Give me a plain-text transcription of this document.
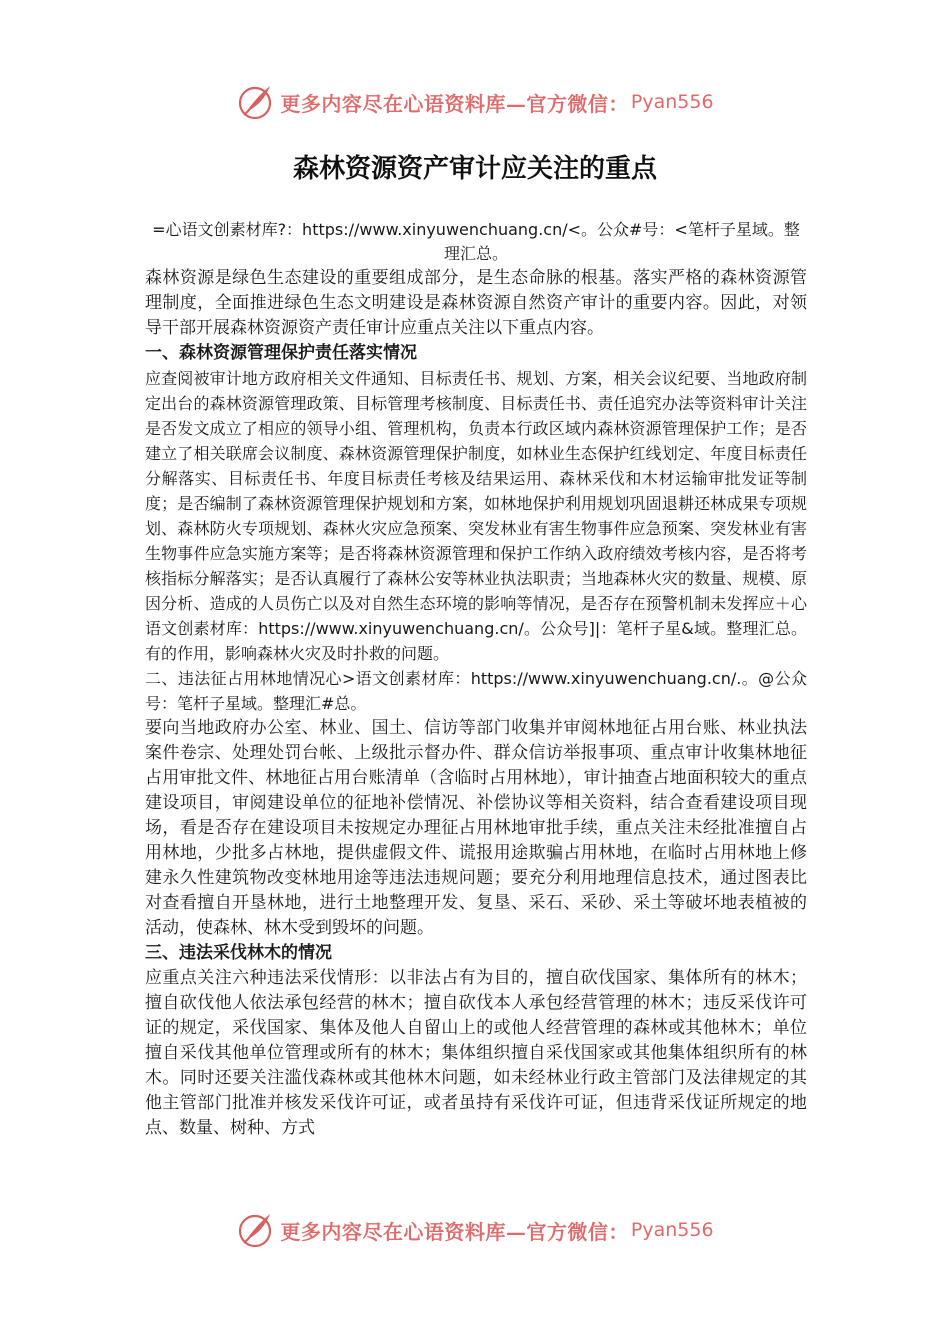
更多内容尽在心语资料库—官方微信： Pyan556
森林资源资产审计应关注的重点

=心语文创素材库?：https://www.xinyuwenchuang.cn/<。公众#号：<笔杆子星域。整理汇总。

森林资源是绿色生态建设的重要组成部分，是生态命脉的根基。落实严格的森林资源管理制度，全面推进绿色生态文明建设是森林资源自然资产审计的重要内容。因此，对领导干部开展森林资源资产责任审计应重点关注以下重点内容。

一、森林资源管理保护责任落实情况

应查阅被审计地方政府相关文件通知、目标责任书、规划、方案，相关会议纪要、当地政府制定出台的森林资源管理政策、目标管理考核制度、目标责任书、责任追究办法等资料审计关注是否发文成立了相应的领导小组、管理机构，负责本行政区域内森林资源管理保护工作；是否建立了相关联席会议制度、森林资源管理保护制度，如林业生态保护红线划定、年度目标责任分解落实、目标责任书、年度目标责任考核及结果运用、森林采伐和木材运输审批发证等制度；是否编制了森林资源管理保护规划和方案，如林地保护利用规划巩固退耕还林成果专项规划、森林防火专项规划、森林火灾应急预案、突发林业有害生物事件应急预案、突发林业有害生物事件应急实施方案等；是否将森林资源管理和保护工作纳入政府绩效考核内容，是否将考核指标分解落实；是否认真履行了森林公安等林业执法职责；当地森林火灾的数量、规模、原因分析、造成的人员伤亡以及对自然生态环境的影响等情况，是否存在预警机制未发挥应＋心语文创素材库：https://www.xinyuwenchuang.cn/。公众号]|：笔杆子星&域。整理汇总。有的作用，影响森林火灾及时扑救的问题。

二、违法征占用林地情况心>语文创素材库：https://www.xinyuwenchuang.cn/.。@公众号：笔杆子星域。整理汇#总。

要向当地政府办公室、林业、国土、信访等部门收集并审阅林地征占用台账、林业执法案件卷宗、处理处罚台帐、上级批示督办件、群众信访举报事项、重点审计收集林地征占用审批文件、林地征占用台账清单（含临时占用林地），审计抽查占地面积较大的重点建设项目，审阅建设单位的征地补偿情况、补偿协议等相关资料，结合查看建设项目现场，看是否存在建设项目未按规定办理征占用林地审批手续，重点关注未经批准擅自占用林地，少批多占林地，提供虚假文件、谎报用途欺骗占用林地，在临时占用林地上修建永久性建筑物改变林地用途等违法违规问题；要充分利用地理信息技术，通过图表比对查看擅自开垦林地，进行土地整理开发、复垦、采石、采砂、采土等破坏地表植被的活动，使森林、林木受到毁坏的问题。

三、违法采伐林木的情况

应重点关注六种违法采伐情形：以非法占有为目的，擅自砍伐国家、集体所有的林木；擅自砍伐他人依法承包经营的林木；擅自砍伐本人承包经营管理的林木；违反采伐许可证的规定，采伐国家、集体及他人自留山上的或他人经营管理的森林或其他林木；单位擅自采伐其他单位管理或所有的林木；集体组织擅自采伐国家或其他集体组织所有的林木。同时还要关注滥伐森林或其他林木问题，如未经林业行政主管部门及法律规定的其他主管部门批准并核发采伐许可证，或者虽持有采伐许可证，但违背采伐证所规定的地点、数量、树种、方式

更多内容尽在心语资料库—官方微信： Pyan556
